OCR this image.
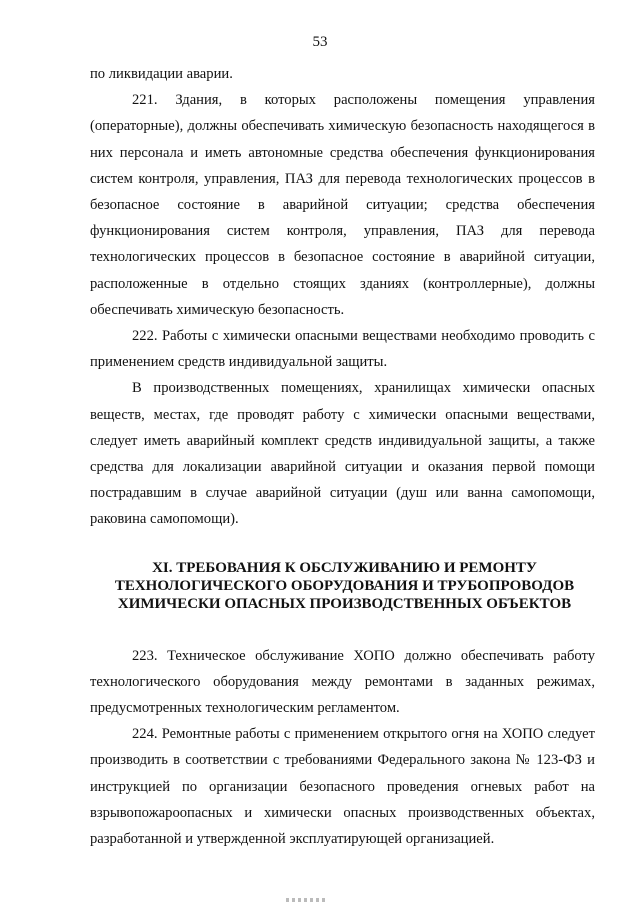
53

по ликвидации аварии.

221. Здания, в которых расположены помещения управления (операторные), должны обеспечивать химическую безопасность находящегося в них персонала и иметь автономные средства обеспечения функционирования систем контроля, управления, ПАЗ для перевода технологических процессов в безопасное состояние в аварийной ситуации; средства обеспечения функционирования систем контроля, управления, ПАЗ для перевода технологических процессов в безопасное состояние в аварийной ситуации, расположенные в отдельно стоящих зданиях (контроллерные), должны обеспечивать химическую безопасность.

222. Работы с химически опасными веществами необходимо проводить с применением средств индивидуальной защиты.

В производственных помещениях, хранилищах химически опасных веществ, местах, где проводят работу с химически опасными веществами, следует иметь аварийный комплект средств индивидуальной защиты, а также средства для локализации аварийной ситуации и оказания первой помощи пострадавшим в случае аварийной ситуации (душ или ванна самопомощи, раковина самопомощи).

XI. ТРЕБОВАНИЯ К ОБСЛУЖИВАНИЮ И РЕМОНТУ
ТЕХНОЛОГИЧЕСКОГО ОБОРУДОВАНИЯ И ТРУБОПРОВОДОВ
ХИМИЧЕСКИ ОПАСНЫХ ПРОИЗВОДСТВЕННЫХ ОБЪЕКТОВ

223. Техническое обслуживание ХОПО должно обеспечивать работу технологического оборудования между ремонтами в заданных режимах, предусмотренных технологическим регламентом.

224. Ремонтные работы с применением открытого огня на ХОПО следует производить в соответствии с требованиями Федерального закона № 123-ФЗ и инструкцией по организации безопасного проведения огневых работ на взрывопожароопасных и химически опасных производственных объектах, разработанной и утвержденной эксплуатирующей организацией.
